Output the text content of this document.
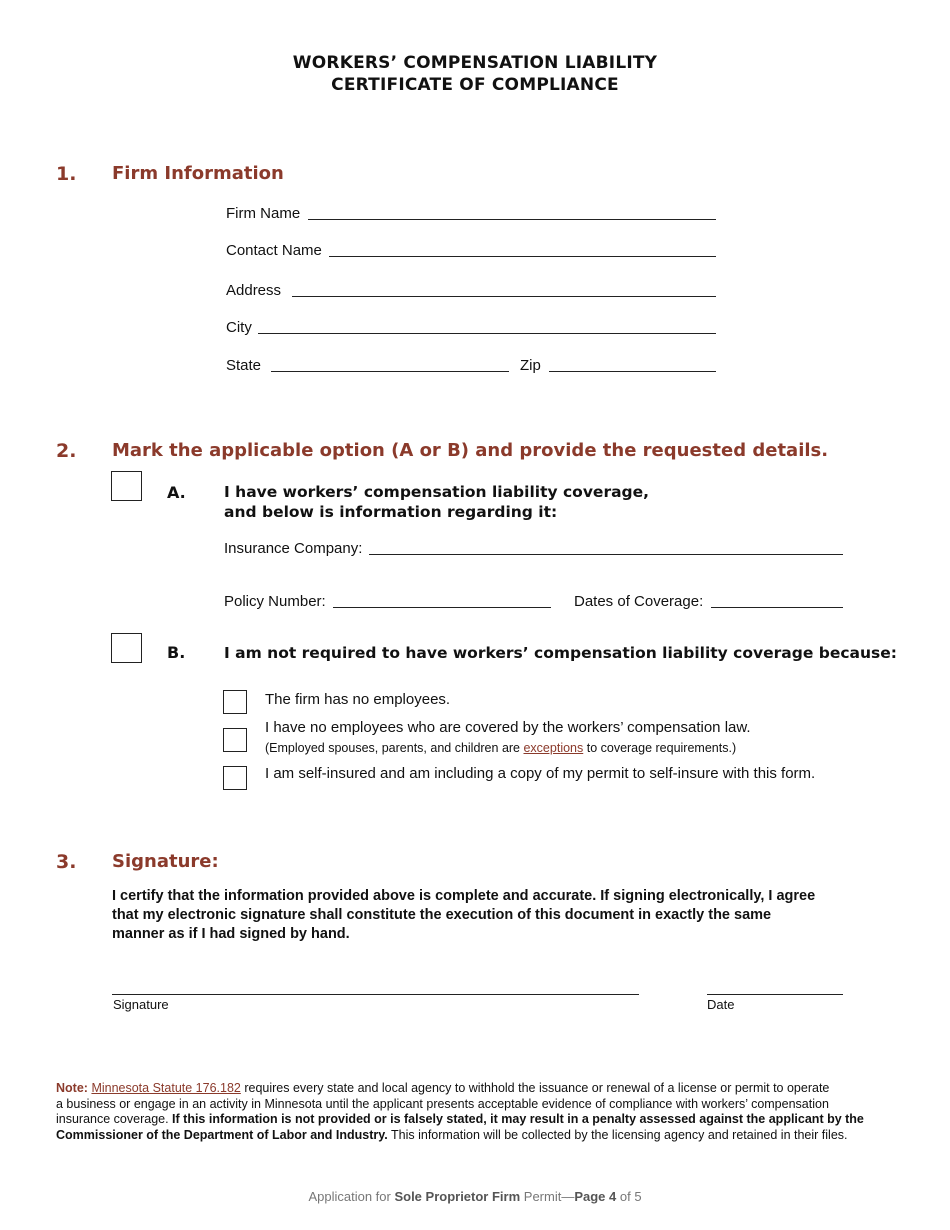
WORKERS’ COMPENSATION LIABILITY
CERTIFICATE OF COMPLIANCE
1. Firm Information
Firm Name
Contact Name
Address
City
State	Zip
2. Mark the applicable option (A or B) and provide the requested details.
A. I have workers’ compensation liability coverage,
and below is information regarding it:
Insurance Company:
Policy Number:	Dates of Coverage:
B. I am not required to have workers’ compensation liability coverage because:
The firm has no employees.
I have no employees who are covered by the workers’ compensation law.
(Employed spouses, parents, and children are exceptions to coverage requirements.)
I am self-insured and am including a copy of my permit to self-insure with this form.
3. Signature:
I certify that the information provided above is complete and accurate. If signing electronically, I agree
that my electronic signature shall constitute the execution of this document in exactly the same
manner as if I had signed by hand.
Signature	Date
Note: Minnesota Statute 176.182 requires every state and local agency to withhold the issuance or renewal of a license or permit to operate
a business or engage in an activity in Minnesota until the applicant presents acceptable evidence of compliance with workers’ compensation
insurance coverage. If this information is not provided or is falsely stated, it may result in a penalty assessed against the applicant by the
Commissioner of the Department of Labor and Industry. This information will be collected by the licensing agency and retained in their files.
Application for Sole Proprietor Firm Permit—Page 4 of 5
